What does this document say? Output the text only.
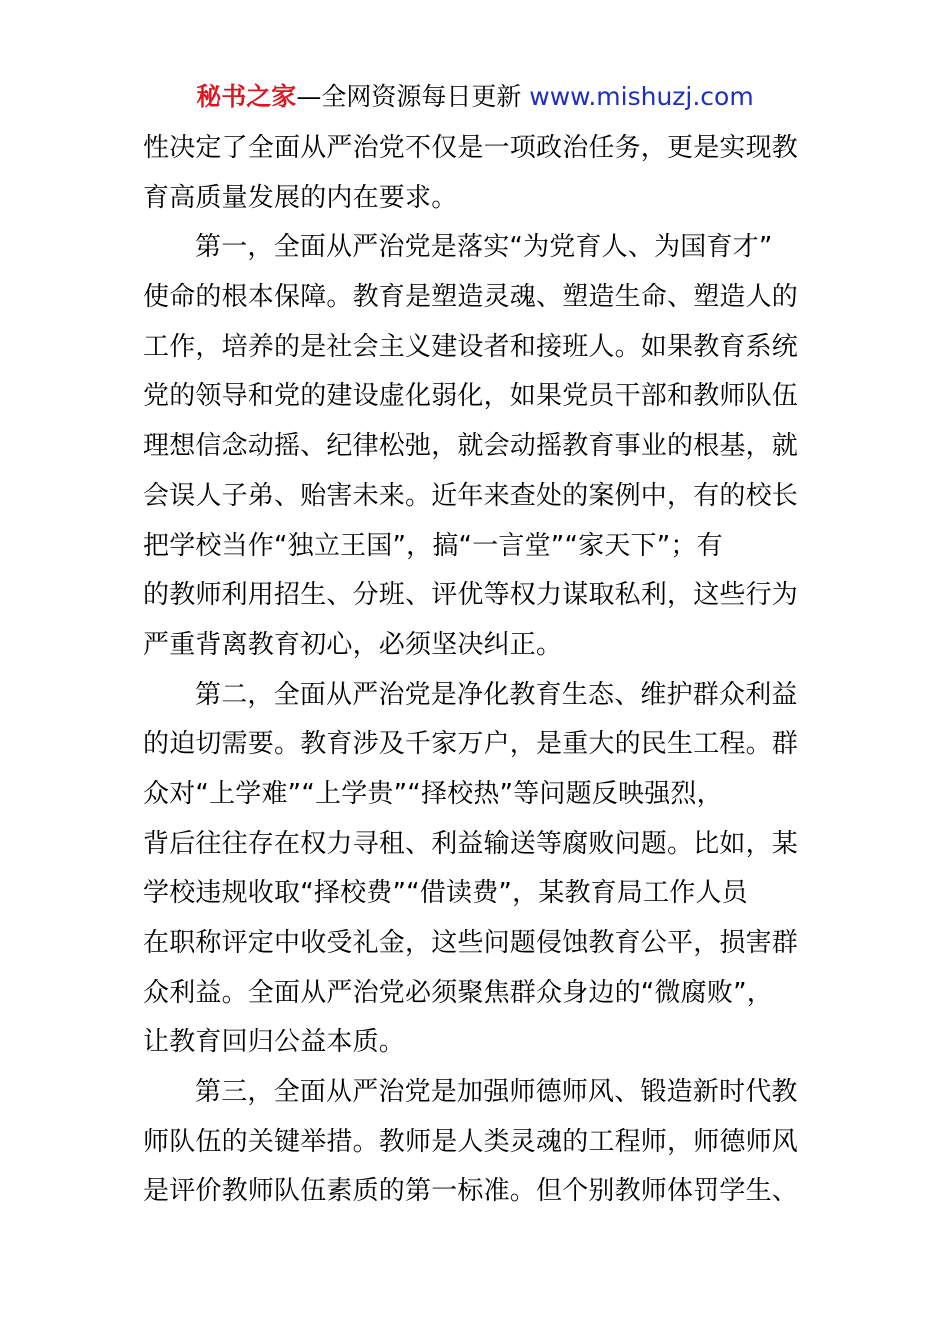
秘书之家—全网资源每日更新 www.mishuzj.com
性决定了全面从严治党不仅是一项政治任务，更是实现教
育高质量发展的内在要求。
第一，全面从严治党是落实“为党育人、为国育才”
使命的根本保障。教育是塑造灵魂、塑造生命、塑造人的
工作，培养的是社会主义建设者和接班人。如果教育系统
党的领导和党的建设虚化弱化，如果党员干部和教师队伍
理想信念动摇、纪律松弛，就会动摇教育事业的根基，就
会误人子弟、贻害未来。近年来查处的案例中，有的校长
把学校当作“独立王国”，搞“一言堂”“家天下”；有
的教师利用招生、分班、评优等权力谋取私利，这些行为
严重背离教育初心，必须坚决纠正。
第二，全面从严治党是净化教育生态、维护群众利益
的迫切需要。教育涉及千家万户，是重大的民生工程。群
众对“上学难”“上学贵”“择校热”等问题反映强烈，
背后往往存在权力寻租、利益输送等腐败问题。比如，某
学校违规收取“择校费”“借读费”，某教育局工作人员
在职称评定中收受礼金，这些问题侵蚀教育公平，损害群
众利益。全面从严治党必须聚焦群众身边的“微腐败”，
让教育回归公益本质。
第三，全面从严治党是加强师德师风、锻造新时代教
师队伍的关键举措。教师是人类灵魂的工程师，师德师风
是评价教师队伍素质的第一标准。但个别教师体罚学生、
